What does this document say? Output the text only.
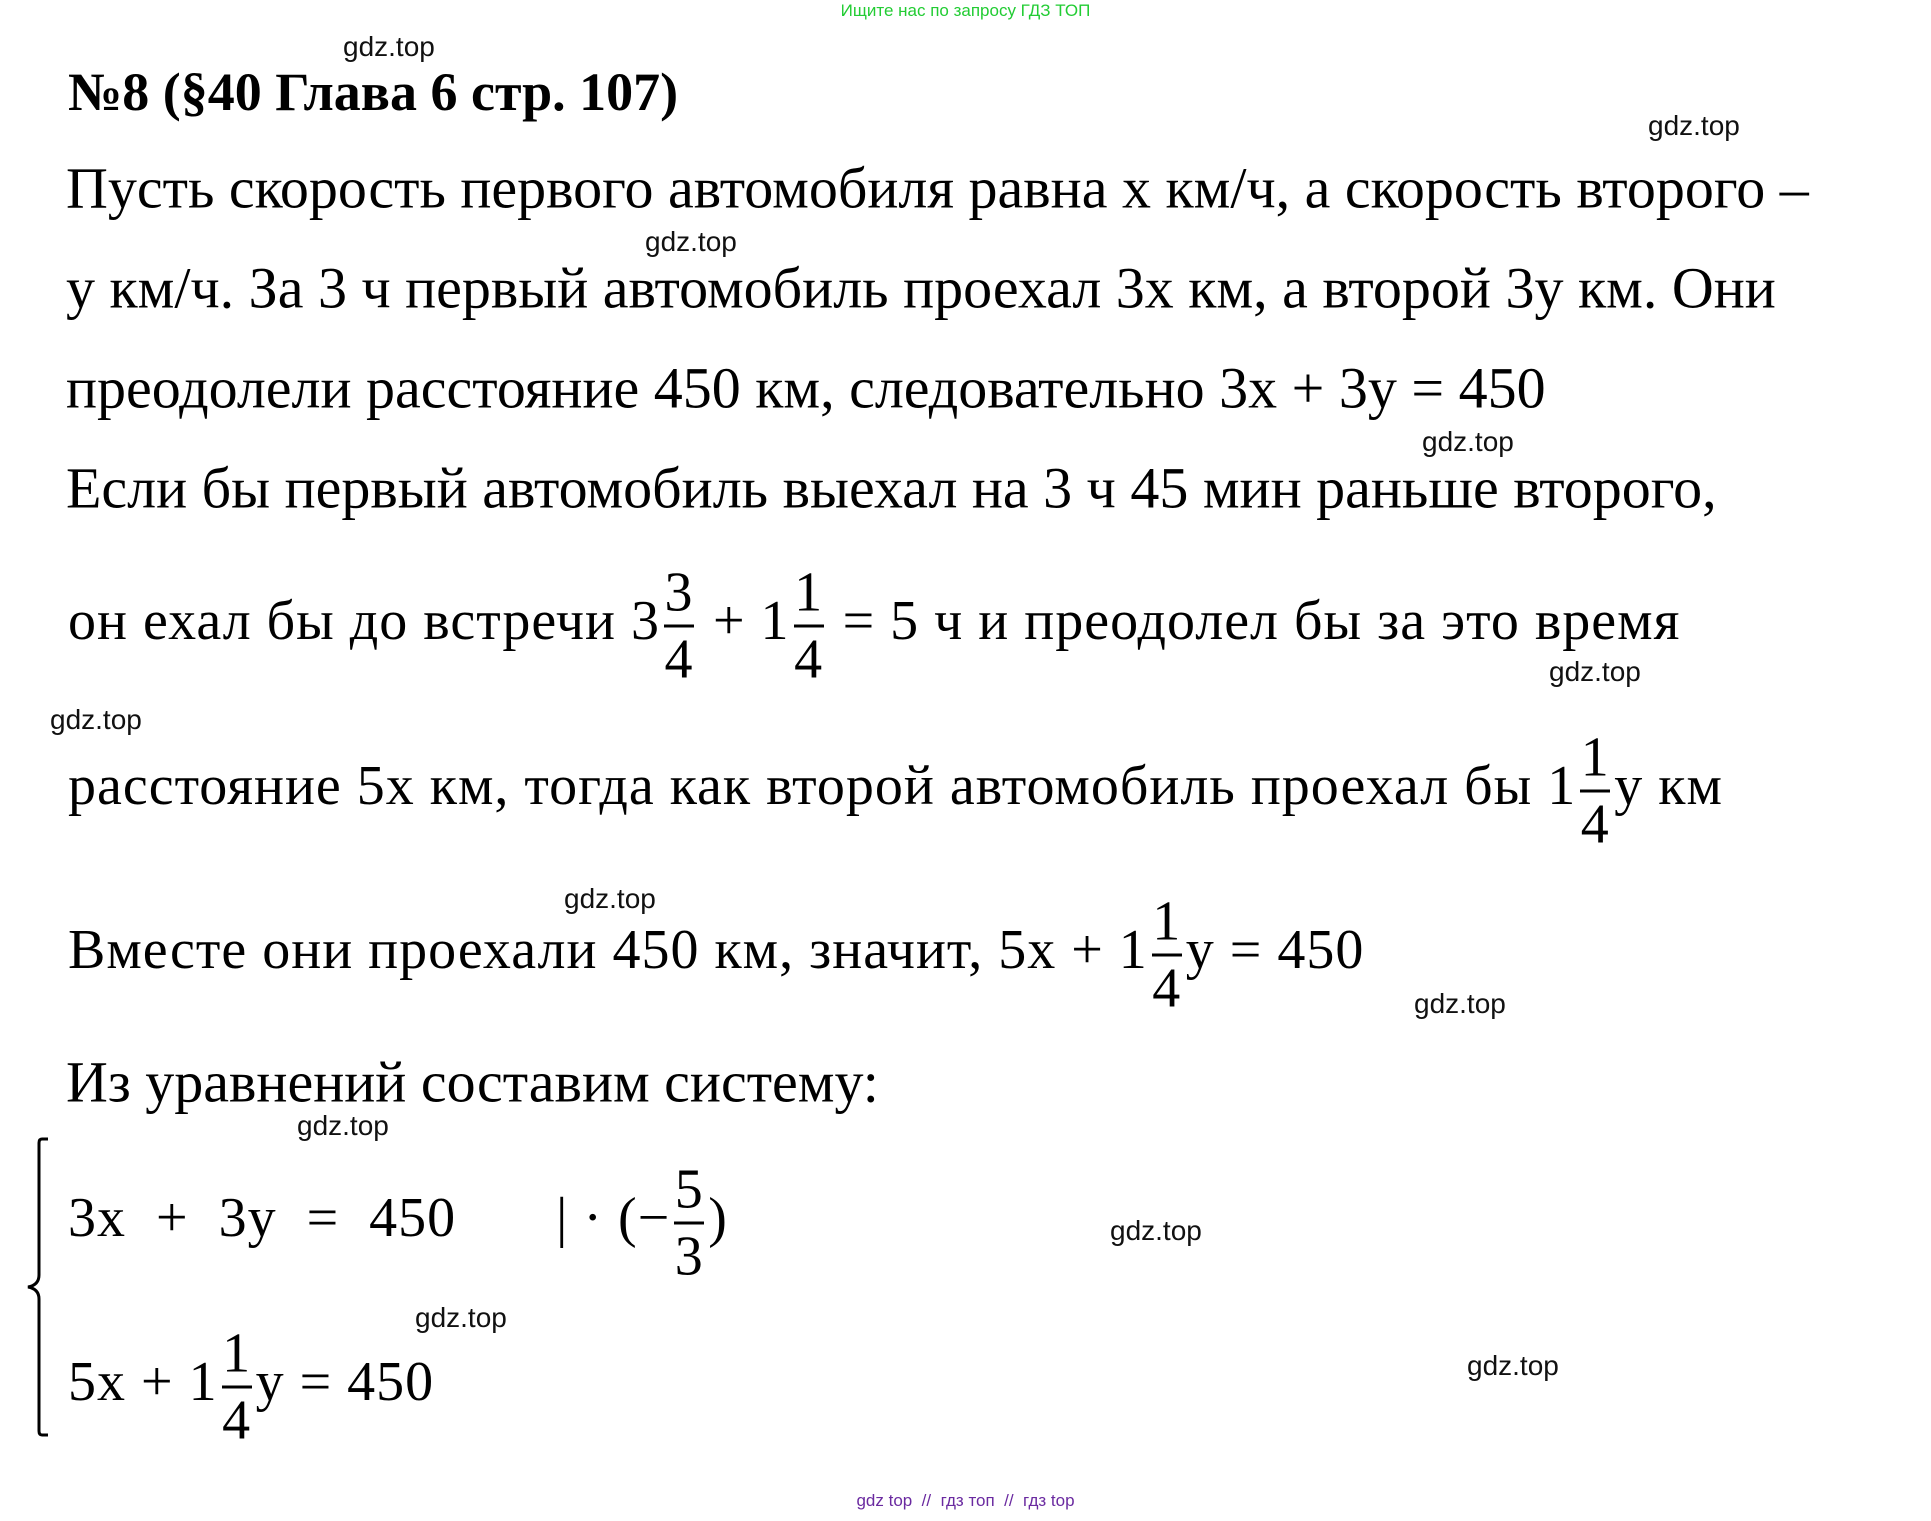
Ищите нас по запросу ГДЗ ТОП
№8 (§40 Глава 6 стр. 107)
gdz.top
gdz.top
gdz.top
gdz.top
gdz.top
gdz.top
gdz.top
gdz.top
gdz.top
gdz.top
gdz.top
gdz.top
Пусть скорость первого автомобиля равна x км/ч, а скорость второго –
y км/ч. За 3 ч первый автомобиль проехал 3x км, а второй 3y км. Они
преодолели расстояние 450 км, следовательно 3x + 3y = 450
Если бы первый автомобиль выехал на 3 ч 45 мин раньше второго,
он ехал бы до встречи $3 \frac{3}{4} + 1 \frac{1}{4} = 5$ ч и преодолел бы за это время
расстояние 5x км, тогда как второй автомобиль проехал бы $1 \frac{1}{4}$ y км
Вместе они проехали 450 км, значит, $5x + 1 \frac{1}{4}$ y = 450
Из уравнений составим систему:
3x  +  3y  =  450 | · (− $\frac{5}{3}$ )
$5x + 1 \frac{1}{4}$ y = 450
gdz top  //  гдз топ  //  гдз top
